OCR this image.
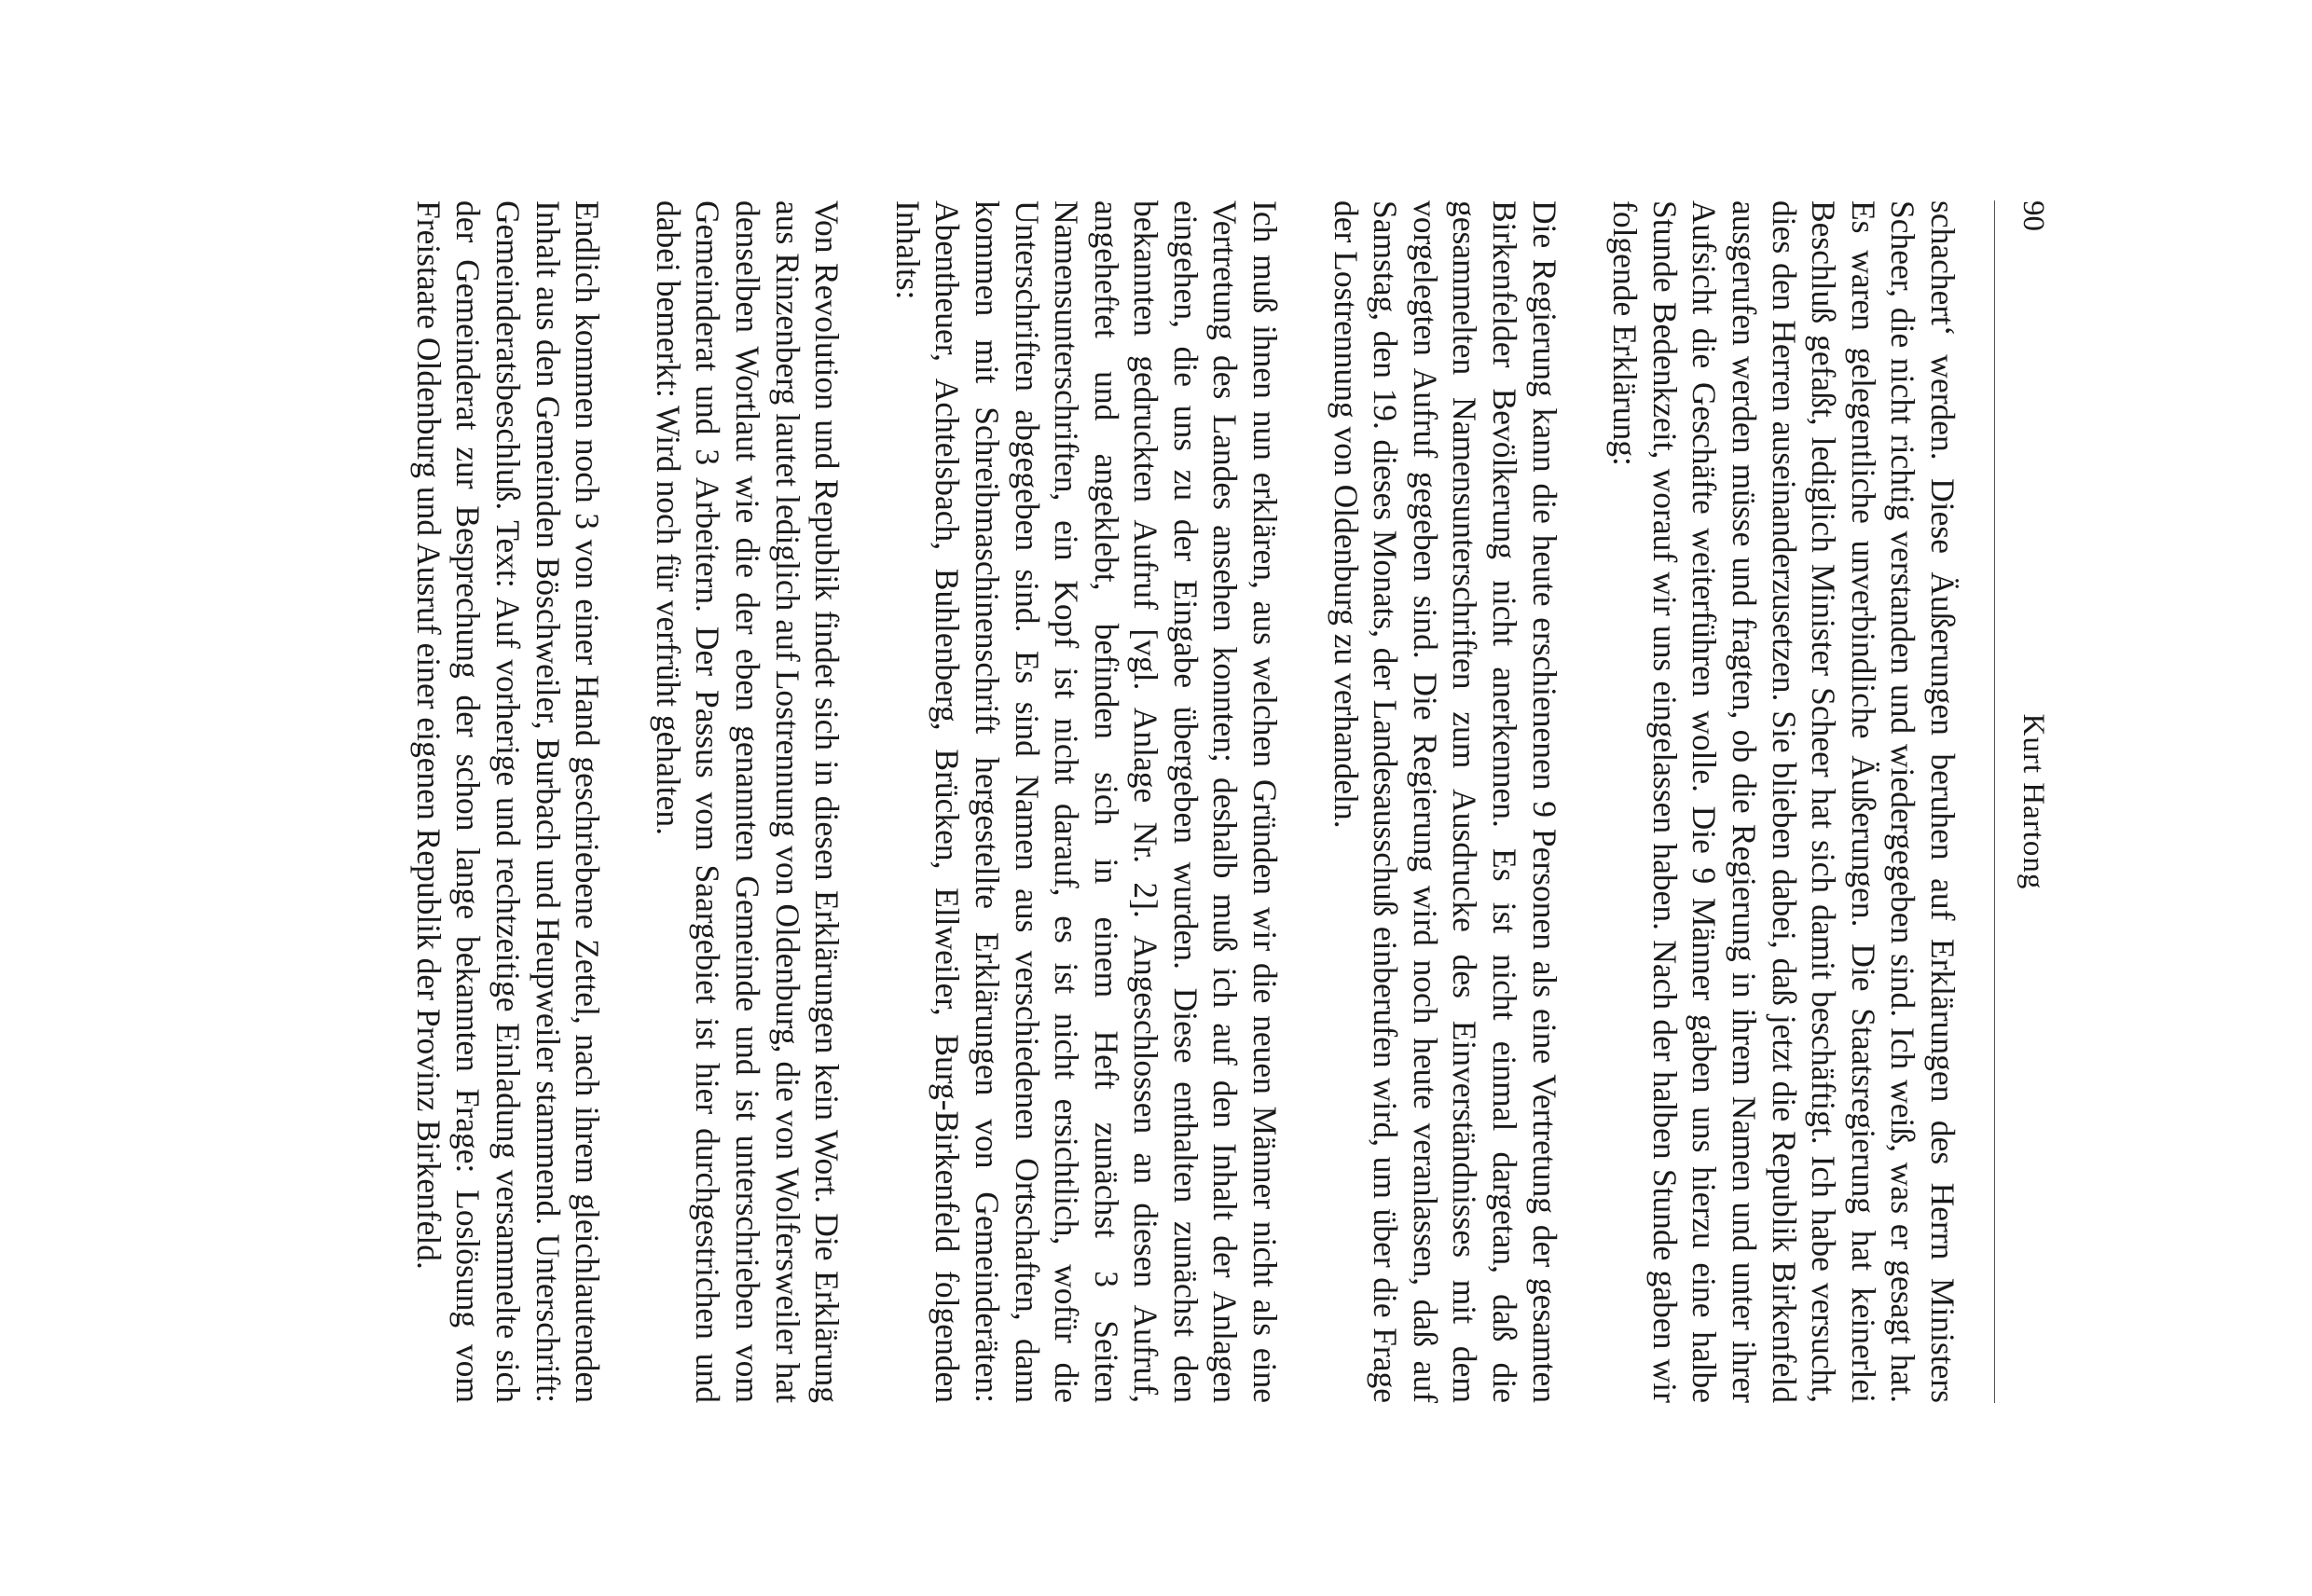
90
Kurt Hartong

schachert‘ werden. Diese Äußerungen beruhen auf Erklärungen des Herrn Ministers Scheer, die nicht richtig verstanden und wiedergegeben sind. Ich weiß, was er gesagt hat. Es waren gelegentliche unverbindliche Äußerungen. Die Staatsregierung hat keinerlei Beschluß gefaßt, lediglich Minister Scheer hat sich damit beschäftigt. Ich habe versucht, dies den Herren auseinanderzusetzen. Sie blieben dabei, daß jetzt die Republik Birkenfeld ausgerufen werden müsse und fragten, ob die Regierung in ihrem Namen und unter ihrer Aufsicht die Geschäfte weiterführen wolle. Die 9 Männer gaben uns hierzu eine halbe Stunde Bedenkzeit, worauf wir uns eingelassen haben. Nach der halben Stunde gaben wir folgende Erklärung:

Die Regierung kann die heute erschienenen 9 Personen als eine Vertretung der gesamten Birkenfelder Bevölkerung nicht anerkennen. Es ist nicht einmal dargetan, daß die gesammelten Namensunterschriften zum Ausdrucke des Einverständnisses mit dem vorgelegten Aufruf gegeben sind. Die Regierung wird noch heute veranlassen, daß auf Samstag, den 19. dieses Monats, der Landesausschuß einberufen wird, um über die Frage der Lostrennung von Oldenburg zu verhandeln.

Ich muß ihnen nun erklären, aus welchen Gründen wir die neuen Männer nicht als eine Vertretung des Landes ansehen konnten; deshalb muß ich auf den Inhalt der Anlagen eingehen, die uns zu der Eingabe übergeben wurden. Diese enthalten zunächst den bekannten gedruckten Aufruf [vgl. Anlage Nr. 2]. Angeschlossen an diesen Aufruf, angeheftet und angeklebt, befinden sich in einem Heft zunächst 3 Seiten Namensunterschriften, ein Kopf ist nicht darauf, es ist nicht ersichtlich, wofür die Unterschriften abgegeben sind. Es sind Namen aus verschiedenen Ortschaften, dann kommen mit Schreibmaschinenschrift hergestellte Erklärungen von Gemeinderäten: Abentheuer, Achtelsbach, Buhlenberg, Brücken, Ellweiler, Burg-Birkenfeld folgenden Inhalts:

Von Revolution und Republik findet sich in diesen Erklärungen kein Wort. Die Erklärung aus Rinzenberg lautet lediglich auf Lostrennung von Oldenburg, die von Wolfersweiler hat denselben Wortlaut wie die der eben genannten Gemeinde und ist unterschrieben vom Gemeinderat und 3 Arbeitern. Der Passus vom Saargebiet ist hier durchgestrichen und dabei bemerkt: Wird noch für verfrüht gehalten.

Endlich kommen noch 3 von einer Hand geschriebene Zettel, nach ihrem gleichlautenden Inhalt aus den Gemeinden Böschweiler, Burbach und Heupweiler stammend. Unterschrift: Gemeinderatsbeschluß. Text: Auf vorherige und rechtzeitige Einladung versammelte sich der Gemeinderat zur Besprechung der schon lange bekannten Frage: Loslösung vom Freistaate Oldenburg und Ausruf einer eigenen Republik der Provinz Birkenfeld.
